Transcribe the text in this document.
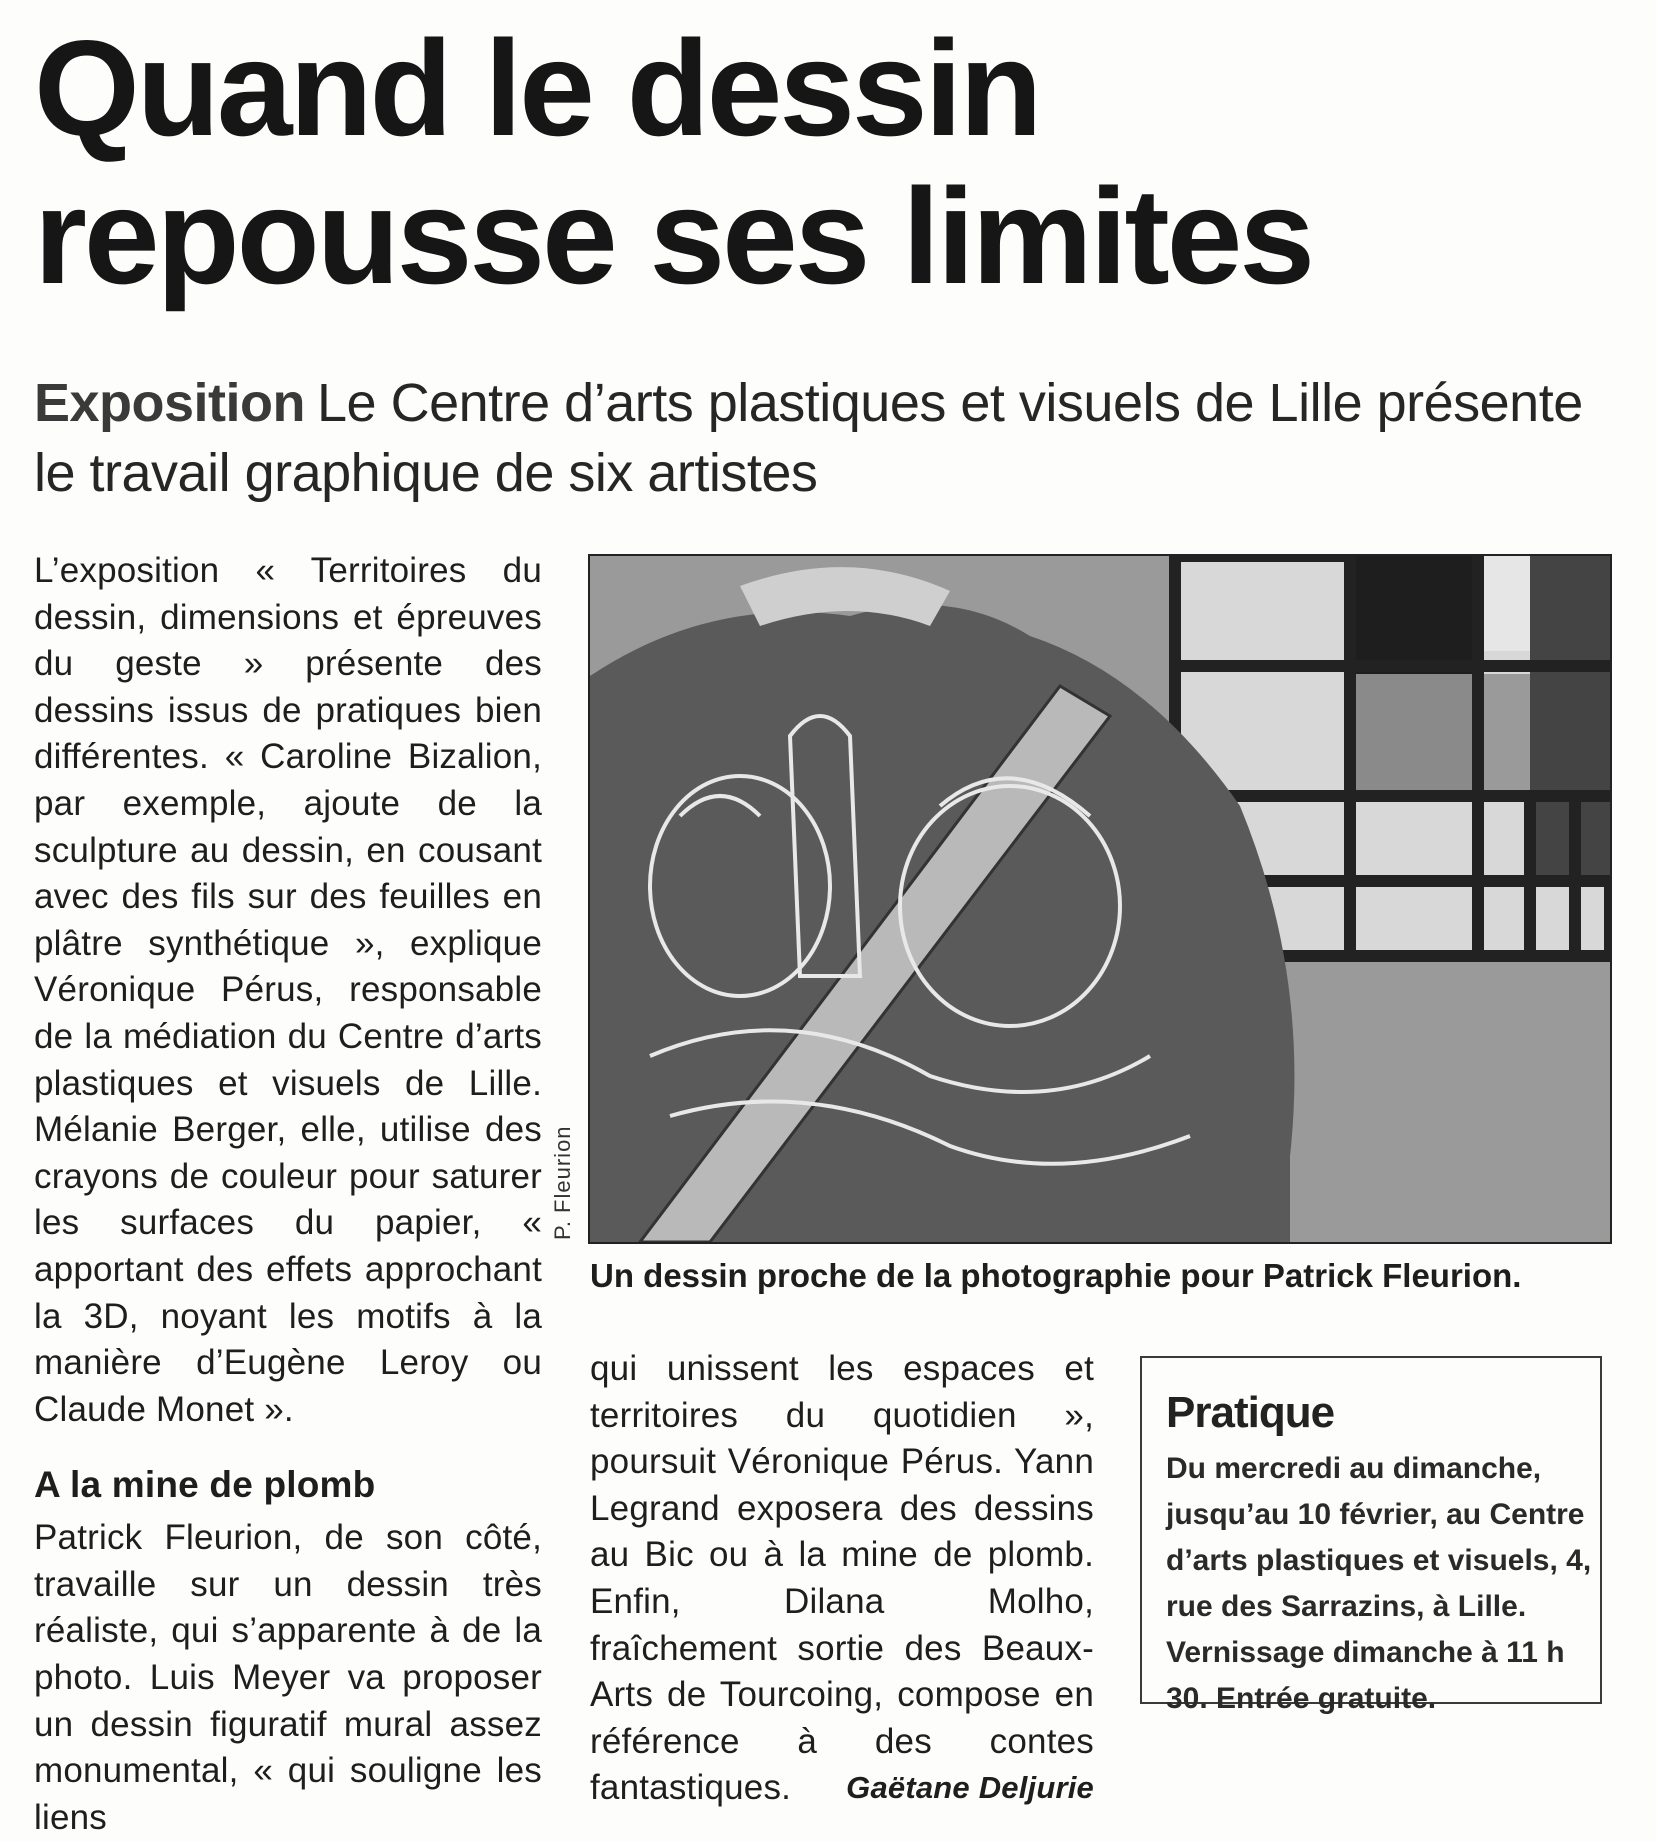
Quand le dessin repousse ses limites

Exposition Le Centre d’arts plastiques et visuels de Lille présente le travail graphique de six artistes

L’exposition « Territoires du dessin, dimensions et épreuves du geste » présente des dessins issus de pratiques bien différentes. « Caroline Bizalion, par exemple, ajoute de la sculpture au dessin, en cousant avec des fils sur des feuilles en plâtre synthétique », explique Véronique Pérus, responsable de la médiation du Centre d’arts plastiques et visuels de Lille. Mélanie Berger, elle, utilise des crayons de couleur pour saturer les surfaces du papier, « apportant des effets approchant la 3D, noyant les motifs à la manière d’Eugène Leroy ou Claude Monet ».

A la mine de plomb

Patrick Fleurion, de son côté, travaille sur un dessin très réaliste, qui s’apparente à de la photo. Luis Meyer va proposer un dessin figuratif mural assez monumental, « qui souligne les liens

P. Fleurion

Un dessin proche de la photographie pour Patrick Fleurion.

qui unissent les espaces et territoires du quotidien », poursuit Véronique Pérus. Yann Legrand exposera des dessins au Bic ou à la mine de plomb. Enfin, Dilana Molho, fraîchement sortie des Beaux-Arts de Tourcoing, compose en référence à des contes fantastiques. Gaëtane Deljurie

Pratique

Du mercredi au dimanche, jusqu’au 10 février, au Centre d’arts plastiques et visuels, 4, rue des Sarrazins, à Lille. Vernissage dimanche à 11 h 30. Entrée gratuite.
